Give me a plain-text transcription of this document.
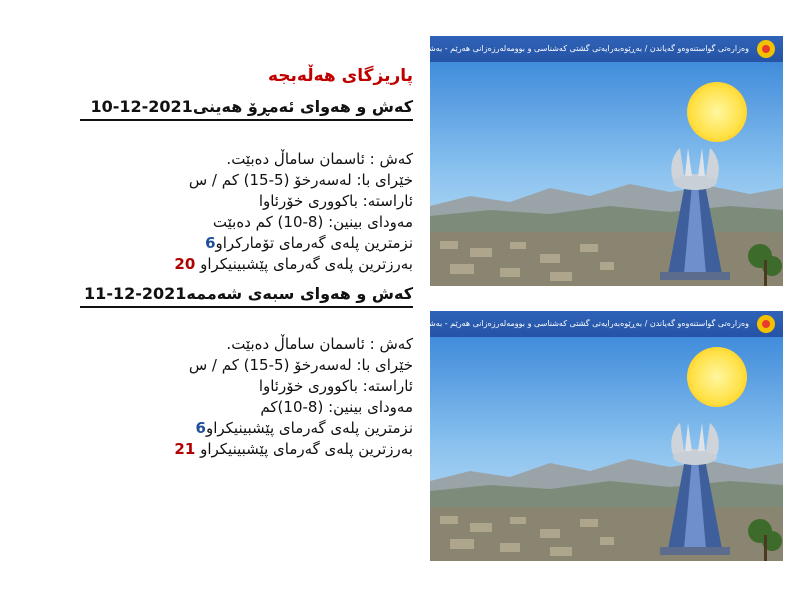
پاریزگای هەڵەبجە
کەش و هەوای ئەمڕۆ هەینی2021-12-10
کەش : ئاسمان ساماڵ دەبێت.
خێرای با: لەسەرخۆ (5-15) کم / س
ئاراستە: باکووری خۆرئاوا
مەودای بینین: (8-10) کم دەبێت
نزمترین پلەی گەرمای تۆمارکراو6
بەرزترین پلەی گەرمای پێشبینیکراو 20
کەش و هەوای سبەی شەممە2021-12-11
کەش : ئاسمان ساماڵ دەبێت.
خێرای با: لەسەرخۆ (5-15) کم / س
ئاراستە: باکووری خۆرئاوا
مەودای بینین: (8-10)کم
نزمترین پلەی گەرمای پێشبینیکراو6
بەرزترین پلەی گەرمای پێشبینیکراو 21
وەزارەتی گواستنەوەو گەیاندن / بەڕێوەبەرایەتی گشتی کەشناسی و بوومەلەرزەزانی هەرێم - بەشی پێشبینی
وەزارەتی گواستنەوەو گەیاندن / بەڕێوەبەرایەتی گشتی کەشناسی و بوومەلەرزەزانی هەرێم - بەشی پێشبینی
